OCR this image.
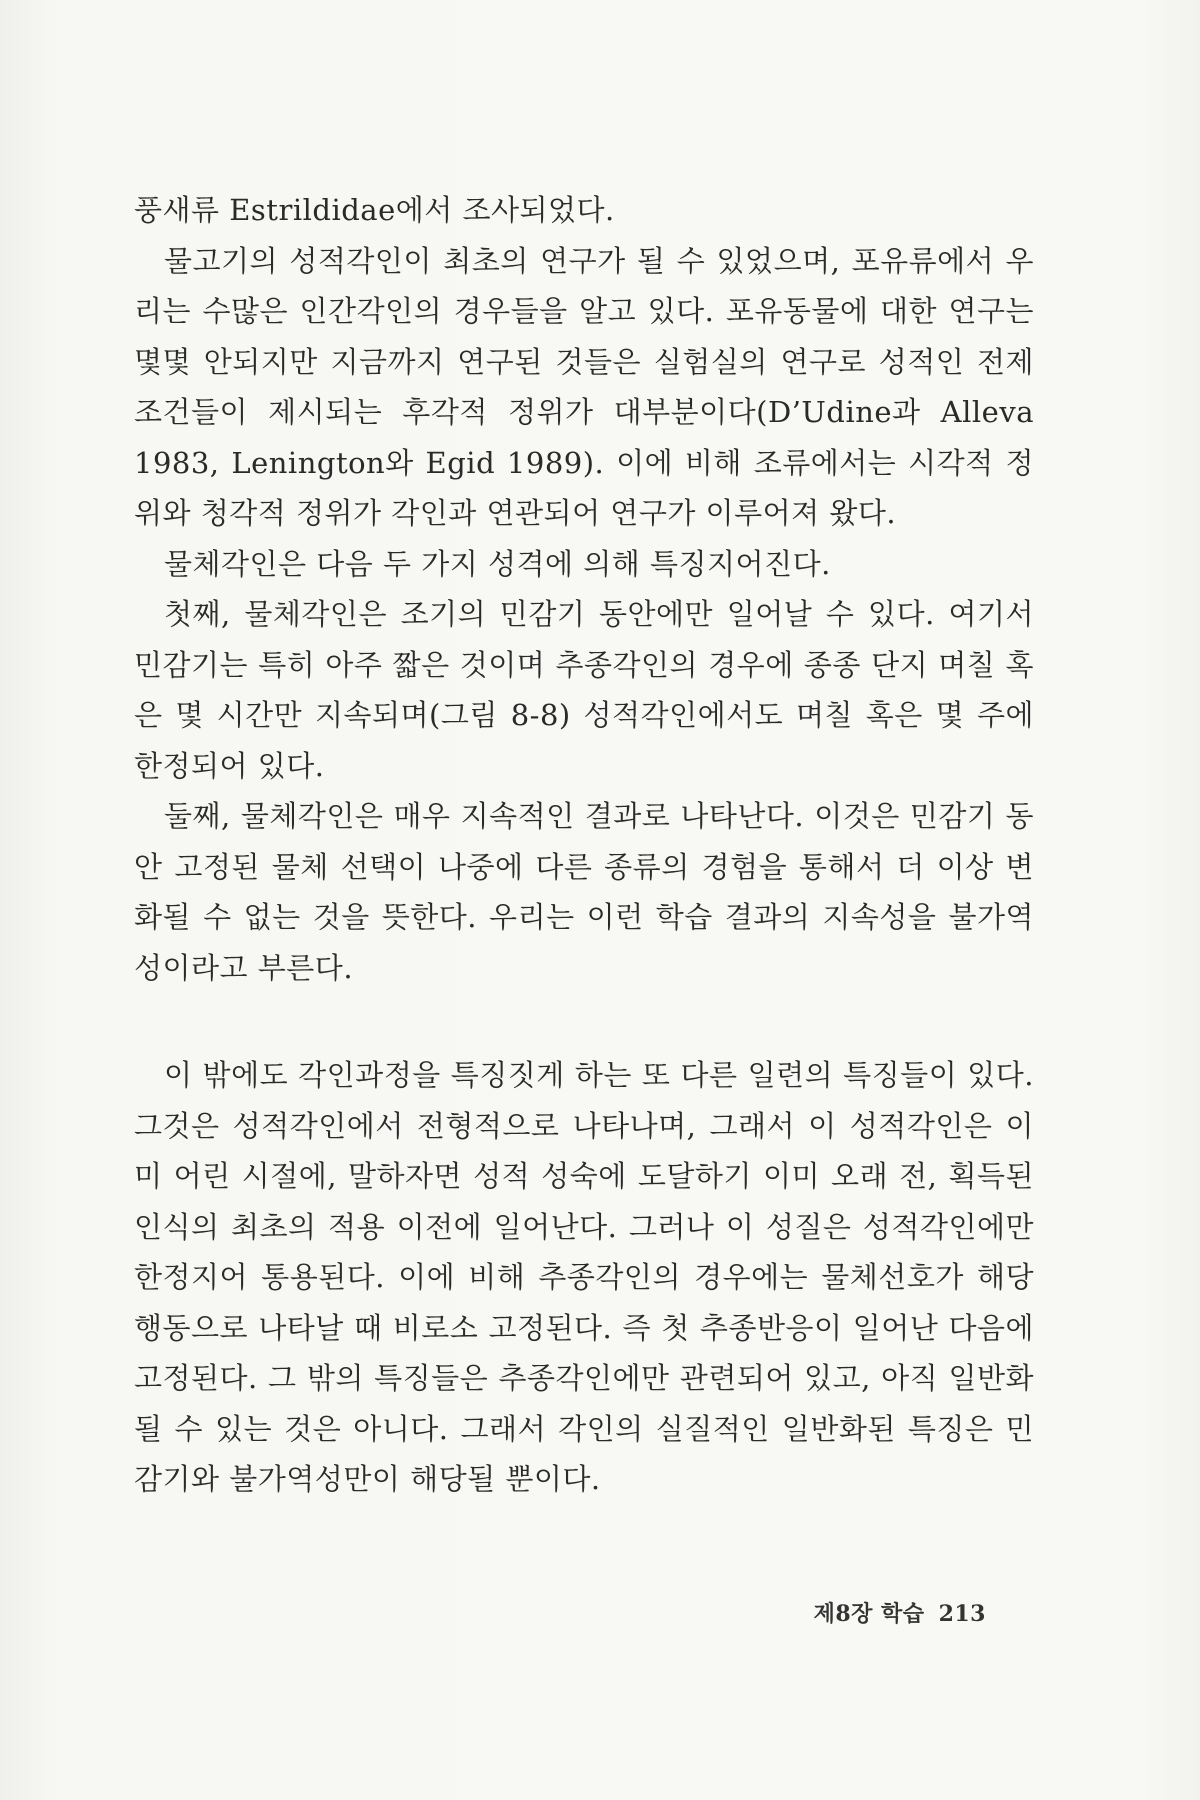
풍새류 Estrildidae에서 조사되었다.

물고기의 성적각인이 최초의 연구가 될 수 있었으며, 포유류에서 우리는 수많은 인간각인의 경우들을 알고 있다. 포유동물에 대한 연구는 몇몇 안되지만 지금까지 연구된 것들은 실험실의 연구로 성적인 전제조건들이 제시되는 후각적 정위가 대부분이다(D’Udine과 Alleva 1983, Lenington와 Egid 1989). 이에 비해 조류에서는 시각적 정위와 청각적 정위가 각인과 연관되어 연구가 이루어져 왔다.

물체각인은 다음 두 가지 성격에 의해 특징지어진다.

첫째, 물체각인은 조기의 민감기 동안에만 일어날 수 있다. 여기서 민감기는 특히 아주 짧은 것이며 추종각인의 경우에 종종 단지 며칠 혹은 몇 시간만 지속되며(그림 8-8) 성적각인에서도 며칠 혹은 몇 주에 한정되어 있다.

둘째, 물체각인은 매우 지속적인 결과로 나타난다. 이것은 민감기 동안 고정된 물체 선택이 나중에 다른 종류의 경험을 통해서 더 이상 변화될 수 없는 것을 뜻한다. 우리는 이런 학습 결과의 지속성을 불가역성이라고 부른다.

이 밖에도 각인과정을 특징짓게 하는 또 다른 일련의 특징들이 있다. 그것은 성적각인에서 전형적으로 나타나며, 그래서 이 성적각인은 이미 어린 시절에, 말하자면 성적 성숙에 도달하기 이미 오래 전, 획득된 인식의 최초의 적용 이전에 일어난다. 그러나 이 성질은 성적각인에만 한정지어 통용된다. 이에 비해 추종각인의 경우에는 물체선호가 해당 행동으로 나타날 때 비로소 고정된다. 즉 첫 추종반응이 일어난 다음에 고정된다. 그 밖의 특징들은 추종각인에만 관련되어 있고, 아직 일반화될 수 있는 것은 아니다. 그래서 각인의 실질적인 일반화된 특징은 민감기와 불가역성만이 해당될 뿐이다.

제8장 학습 213
